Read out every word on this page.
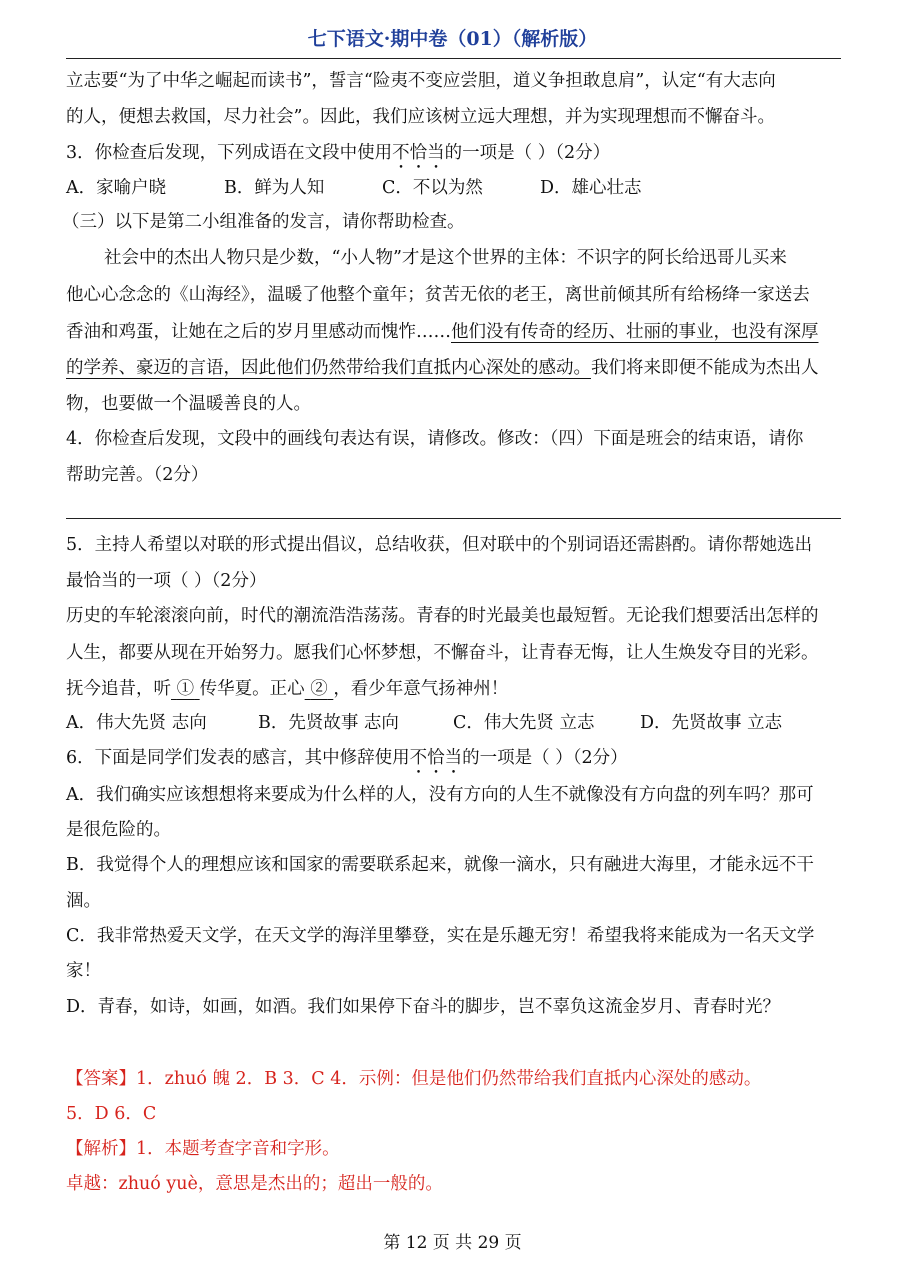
七下语文·期中卷（01）（解析版）
立志要“为了中华之崛起而读书”，誓言“险夷不变应尝胆，道义争担敢息肩”，认定“有大志向
的人，便想去救国，尽力社会”。因此，我们应该树立远大理想，并为实现理想而不懈奋斗。
3．你检查后发现，下列成语在文段中使用不恰当的一项是（ ）（2分）
A．家喻户晓	B．鲜为人知	C．不以为然	D．雄心壮志
（三）以下是第二小组准备的发言，请你帮助检查。
社会中的杰出人物只是少数，“小人物”才是这个世界的主体：不识字的阿长给迅哥儿买来
他心心念念的《山海经》，温暖了他整个童年；贫苦无依的老王，离世前倾其所有给杨绛一家送去
香油和鸡蛋，让她在之后的岁月里感动而愧怍……他们没有传奇的经历、壮丽的事业，也没有深厚
的学养、豪迈的言语，因此他们仍然带给我们直抵内心深处的感动。我们将来即便不能成为杰出人
物，也要做一个温暖善良的人。
4．你检查后发现，文段中的画线句表达有误，请修改。修改：（四）下面是班会的结束语，请你
帮助完善。（2分）
5．主持人希望以对联的形式提出倡议，总结收获，但对联中的个别词语还需斟酌。请你帮她选出
最恰当的一项（ ）（2分）
历史的车轮滚滚向前，时代的潮流浩浩荡荡。青春的时光最美也最短暂。无论我们想要活出怎样的
人生，都要从现在开始努力。愿我们心怀梦想，不懈奋斗，让青春无悔，让人生焕发夺目的光彩。
抚今追昔，听 ① 传华夏。正心 ② ，看少年意气扬神州！
A．伟大先贤 志向	B．先贤故事 志向	C．伟大先贤 立志	D．先贤故事 立志
6．下面是同学们发表的感言，其中修辞使用不恰当的一项是（ ）（2分）
A．我们确实应该想想将来要成为什么样的人，没有方向的人生不就像没有方向盘的列车吗？那可
是很危险的。
B．我觉得个人的理想应该和国家的需要联系起来，就像一滴水，只有融进大海里，才能永远不干
涸。
C．我非常热爱天文学，在天文学的海洋里攀登，实在是乐趣无穷！希望我将来能成为一名天文学
家！
D．青春，如诗，如画，如酒。我们如果停下奋斗的脚步，岂不辜负这流金岁月、青春时光？
【答案】1．zhuó 魄 2．B 3．C 4．示例：但是他们仍然带给我们直抵内心深处的感动。
5．D 6．C
【解析】1．本题考查字音和字形。
卓越：zhuó yuè，意思是杰出的；超出一般的。
第 12 页 共 29 页
